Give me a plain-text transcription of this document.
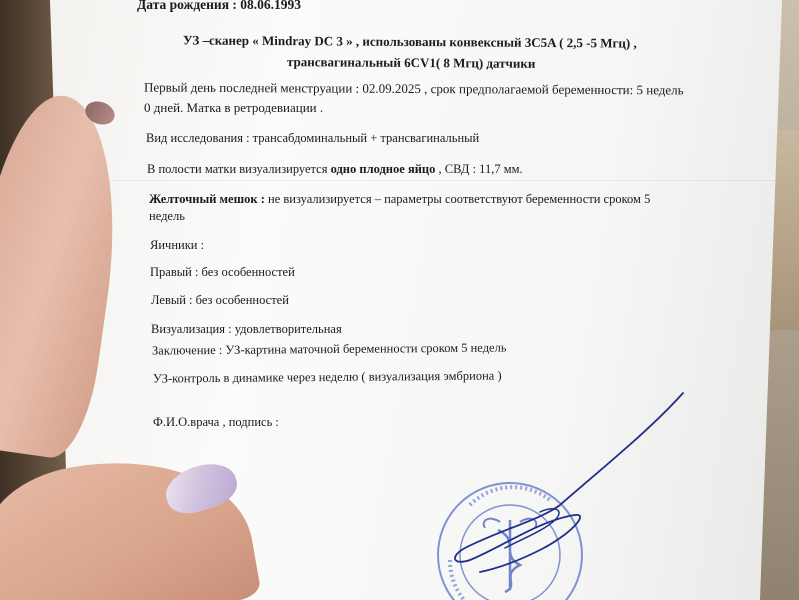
Дата рождения : 08.06.1993
УЗ –сканер « Mindray DC 3 » , использованы конвексный 3C5A ( 2,5 -5 Мгц) ,
трансвагинальный 6CV1( 8 Мгц) датчики
Первый день последней менструации : 02.09.2025 , срок предполагаемой беременности: 5 недель
0 дней. Матка в ретродевиации .
Вид исследования : трансабдоминальный + трансвагинальный
В полости матки визуализируется одно плодное яйцо , СВД : 11,7 мм.
Желточный мешок : не визуализируется – параметры соответствуют беременности сроком 5
недель
Яичники :
Правый : без особенностей
Левый : без особенностей
Визуализация : удовлетворительная
Заключение : УЗ-картина маточной беременности сроком 5 недель
УЗ-контроль в динамике через неделю ( визуализация эмбриона )
Ф.И.О.врача , подпись :
